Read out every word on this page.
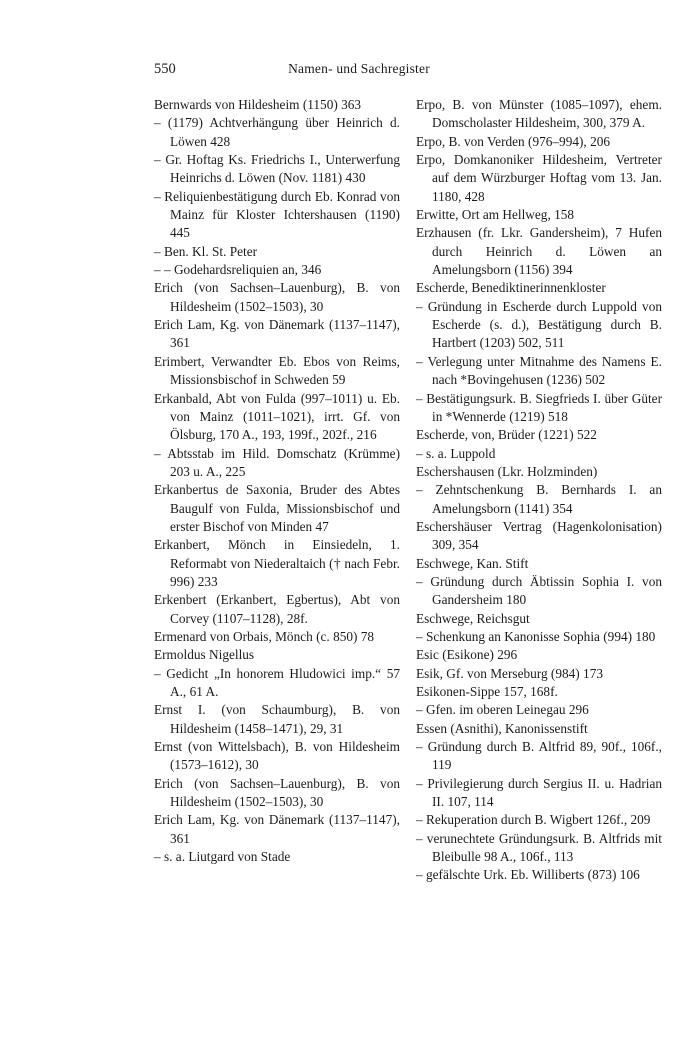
550	Namen- und Sachregister
Bernwards von Hildesheim (1150) 363
– (1179) Achtverhängung über Heinrich d. Löwen 428
– Gr. Hoftag Ks. Friedrichs I., Unterwerfung Heinrichs d. Löwen (Nov. 1181) 430
– Reliquienbestätigung durch Eb. Konrad von Mainz für Kloster Ichtershausen (1190) 445
– Ben. Kl. St. Peter
– – Godehardsreliquien an, 346
Erich (von Sachsen–Lauenburg), B. von Hildesheim (1502–1503), 30
Erich Lam, Kg. von Dänemark (1137–1147), 361
Erimbert, Verwandter Eb. Ebos von Reims, Missionsbischof in Schweden 59
Erkanbald, Abt von Fulda (997–1011) u. Eb. von Mainz (1011–1021), irrt. Gf. von Ölsburg, 170 A., 193, 199f., 202f., 216
– Abtsstab im Hild. Domschatz (Krümme) 203 u. A., 225
Erkanbertus de Saxonia, Bruder des Abtes Baugulf von Fulda, Missionsbischof und erster Bischof von Minden 47
Erkanbert, Mönch in Einsiedeln, 1. Reformabt von Niederaltaich († nach Febr. 996) 233
Erkenbert (Erkanbert, Egbertus), Abt von Corvey (1107–1128), 28f.
Ermenard von Orbais, Mönch (c. 850) 78
Ermoldus Nigellus
– Gedicht „In honorem Hludowici imp.“ 57 A., 61 A.
Ernst I. (von Schaumburg), B. von Hildesheim (1458–1471), 29, 31
Ernst (von Wittelsbach), B. von Hildesheim (1573–1612), 30
Erich (von Sachsen–Lauenburg), B. von Hildesheim (1502–1503), 30
Erich Lam, Kg. von Dänemark (1137–1147), 361
– s. a. Liutgard von Stade
Erpo, B. von Münster (1085–1097), ehem. Domscholaster Hildesheim, 300, 379 A.
Erpo, B. von Verden (976–994), 206
Erpo, Domkanoniker Hildesheim, Vertreter auf dem Würzburger Hoftag vom 13. Jan. 1180, 428
Erwitte, Ort am Hellweg, 158
Erzhausen (fr. Lkr. Gandersheim), 7 Hufen durch Heinrich d. Löwen an Amelungsborn (1156) 394
Escherde, Benediktinerinnenkloster
– Gründung in Escherde durch Luppold von Escherde (s. d.), Bestätigung durch B. Hartbert (1203) 502, 511
– Verlegung unter Mitnahme des Namens E. nach *Bovingehusen (1236) 502
– Bestätigungsurk. B. Siegfrieds I. über Güter in *Wennerde (1219) 518
Escherde, von, Brüder (1221) 522
– s. a. Luppold
Eschershausen (Lkr. Holzminden)
– Zehntschenkung B. Bernhards I. an Amelungsborn (1141) 354
Eschershäuser Vertrag (Hagenkolonisation) 309, 354
Eschwege, Kan. Stift
– Gründung durch Äbtissin Sophia I. von Gandersheim 180
Eschwege, Reichsgut
– Schenkung an Kanonisse Sophia (994) 180
Esic (Esikone) 296
Esik, Gf. von Merseburg (984) 173
Esikonen-Sippe 157, 168f.
– Gfen. im oberen Leinegau 296
Essen (Asnithi), Kanonissenstift
– Gründung durch B. Altfrid 89, 90f., 106f., 119
– Privilegierung durch Sergius II. u. Hadrian II. 107, 114
– Rekuperation durch B. Wigbert 126f., 209
– verunechtete Gründungsurk. B. Altfrids mit Bleibulle 98 A., 106f., 113
– gefälschte Urk. Eb. Williberts (873) 106
